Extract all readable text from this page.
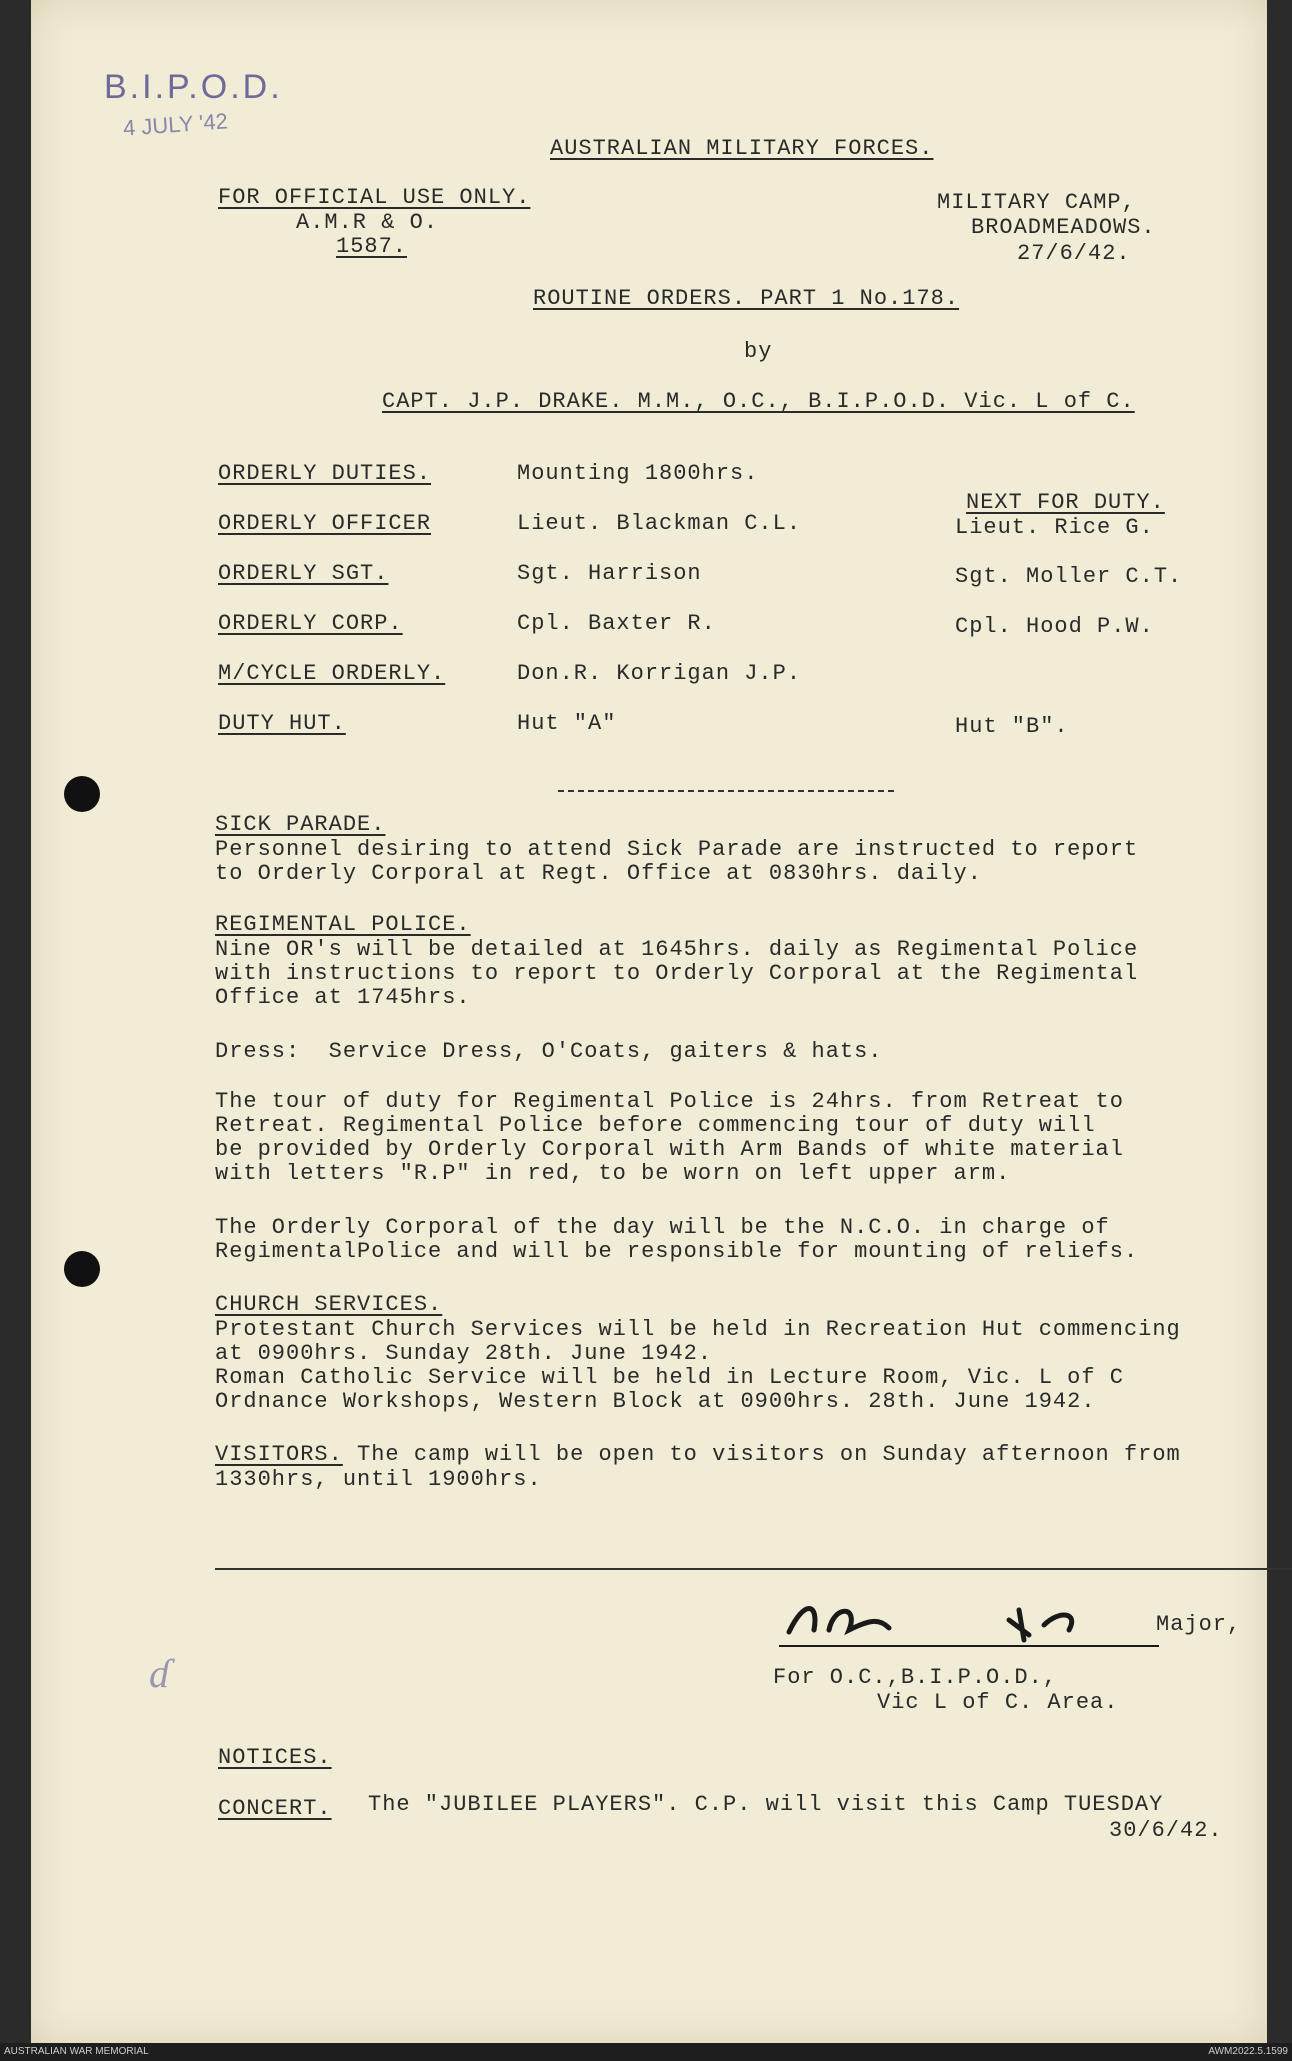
B.I.P.O.D.
4 JULY '42
AUSTRALIAN MILITARY FORCES.
FOR OFFICIAL USE ONLY.
A.M.R & O.
1587.
MILITARY CAMP,
BROADMEADOWS.
27/6/42.
ROUTINE ORDERS. PART 1 No.178.
by
CAPT. J.P. DRAKE. M.M., O.C., B.I.P.O.D. Vic. L of C.
NEXT FOR DUTY.
ORDERLY DUTIES.	Mounting 1800hrs.
ORDERLY OFFICER	Lieut. Blackman C.L.	Lieut. Rice G.
ORDERLY SGT.	Sgt. Harrison	Sgt. Moller C.T.
ORDERLY CORP.	Cpl. Baxter R.	Cpl. Hood P.W.
M/CYCLE ORDERLY.	Don.R. Korrigan J.P.
DUTY HUT.	Hut "A"	Hut "B".
SICK PARADE.
Personnel desiring to attend Sick Parade are instructed to report
to Orderly Corporal at Regt. Office at 0830hrs. daily.
REGIMENTAL POLICE.
Nine OR's will be detailed at 1645hrs. daily as Regimental Police
with instructions to report to Orderly Corporal at the Regimental
Office at 1745hrs.
Dress:  Service Dress, O'Coats, gaiters & hats.
The tour of duty for Regimental Police is 24hrs. from Retreat to
Retreat. Regimental Police before commencing tour of duty will
be provided by Orderly Corporal with Arm Bands of white material
with letters "R.P" in red, to be worn on left upper arm.
The Orderly Corporal of the day will be the N.C.O. in charge of
RegimentalPolice and will be responsible for mounting of reliefs.
CHURCH SERVICES.
Protestant Church Services will be held in Recreation Hut commencing
at 0900hrs. Sunday 28th. June 1942.
Roman Catholic Service will be held in Lecture Room, Vic. L of C
Ordnance Workshops, Western Block at 0900hrs. 28th. June 1942.
VISITORS. The camp will be open to visitors on Sunday afternoon from
1330hrs, until 1900hrs.
Major,
For O.C.,B.I.P.O.D.,
Vic L of C. Area.
NOTICES.
CONCERT. The "JUBILEE PLAYERS". C.P. will visit this Camp TUESDAY
30/6/42.
ɗ
AUSTRALIAN WAR MEMORIAL	AWM2022.5.1599
